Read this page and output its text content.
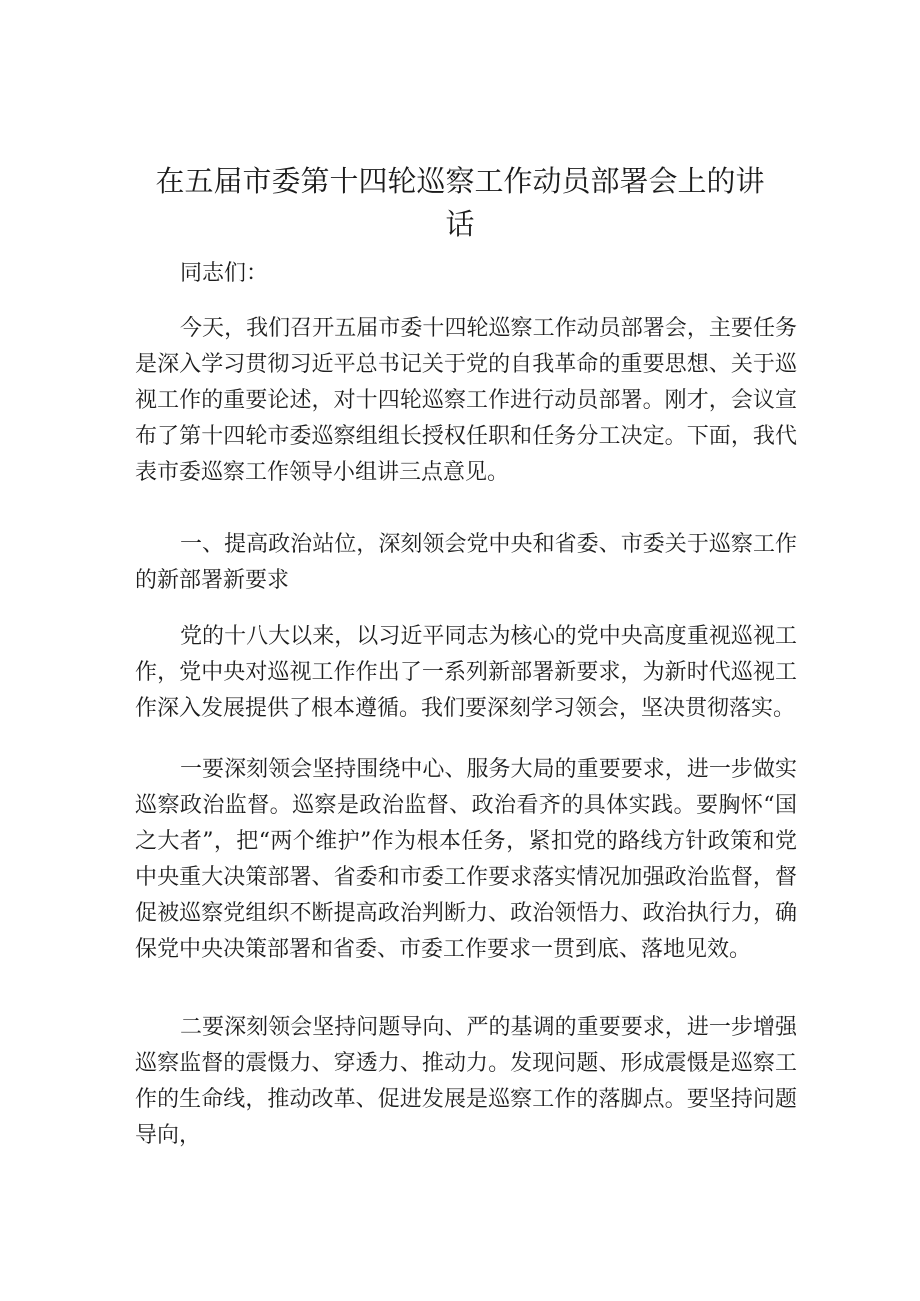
在五届市委第十四轮巡察工作动员部署会上的讲话

同志们：

今天，我们召开五届市委十四轮巡察工作动员部署会，主要任务是深入学习贯彻习近平总书记关于党的自我革命的重要思想、关于巡视工作的重要论述，对十四轮巡察工作进行动员部署。刚才，会议宣布了第十四轮市委巡察组组长授权任职和任务分工决定。下面，我代表市委巡察工作领导小组讲三点意见。

一、提高政治站位，深刻领会党中央和省委、市委关于巡察工作的新部署新要求

党的十八大以来，以习近平同志为核心的党中央高度重视巡视工作，党中央对巡视工作作出了一系列新部署新要求，为新时代巡视工作深入发展提供了根本遵循。我们要深刻学习领会，坚决贯彻落实。

一要深刻领会坚持围绕中心、服务大局的重要要求，进一步做实巡察政治监督。巡察是政治监督、政治看齐的具体实践。要胸怀“国之大者”，把“两个维护”作为根本任务，紧扣党的路线方针政策和党中央重大决策部署、省委和市委工作要求落实情况加强政治监督，督促被巡察党组织不断提高政治判断力、政治领悟力、政治执行力，确保党中央决策部署和省委、市委工作要求一贯到底、落地见效。

二要深刻领会坚持问题导向、严的基调的重要要求，进一步增强巡察监督的震慑力、穿透力、推动力。发现问题、形成震慑是巡察工作的生命线，推动改革、促进发展是巡察工作的落脚点。要坚持问题导向，
